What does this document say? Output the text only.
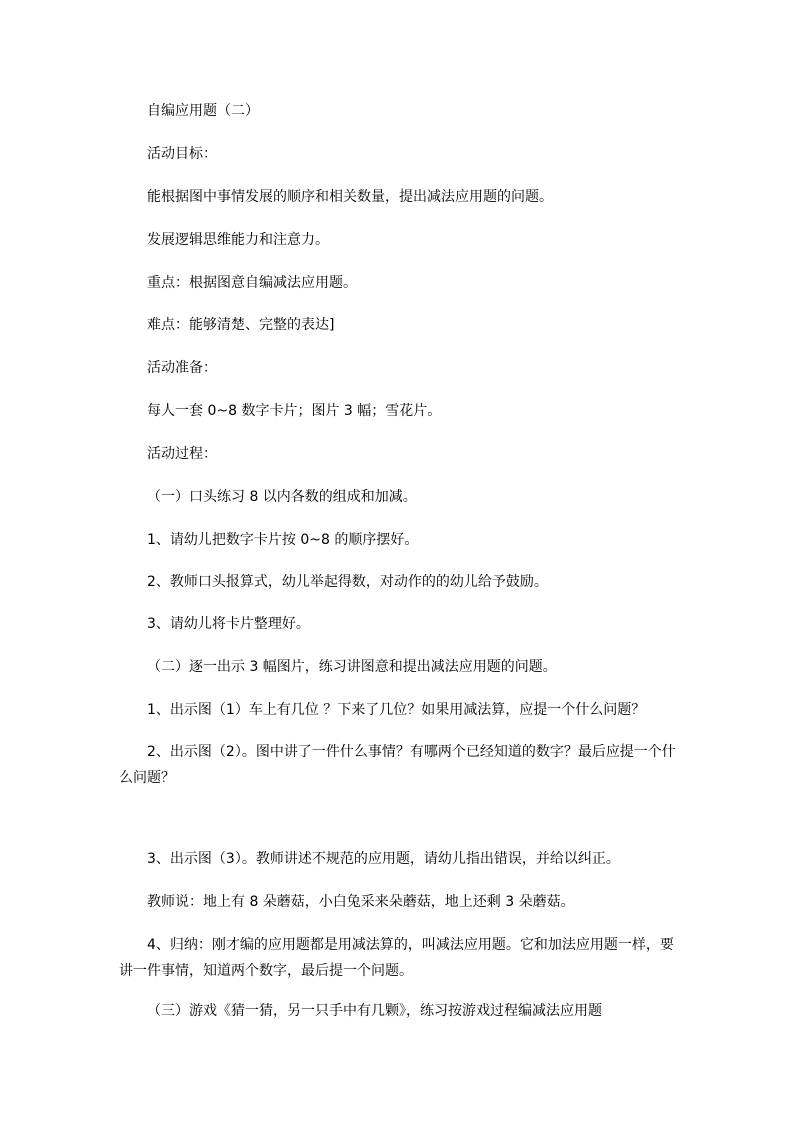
自编应用题（二）

活动目标：

能根据图中事情发展的顺序和相关数量，提出减法应用题的问题。

发展逻辑思维能力和注意力。

重点：根据图意自编减法应用题。

难点：能够清楚、完整的表达]

活动准备：

每人一套 0~8 数字卡片；图片 3 幅；雪花片。

活动过程：

（一）口头练习 8 以内各数的组成和加减。

1、请幼儿把数字卡片按 0~8 的顺序摆好。

2、教师口头报算式，幼儿举起得数，对动作的的幼儿给予鼓励。

3、请幼儿将卡片整理好。

（二）逐一出示 3 幅图片，练习讲图意和提出减法应用题的问题。

1、出示图（1）车上有几位 ？下来了几位？如果用减法算，应提一个什么问题？

2、出示图（2）。图中讲了一件什么事情？有哪两个已经知道的数字？最后应提一个什么问题？

3、出示图（3）。教师讲述不规范的应用题，请幼儿指出错误，并给以纠正。

教师说：地上有 8 朵蘑菇，小白兔采来朵蘑菇，地上还剩 3 朵蘑菇。

4、归纳：刚才编的应用题都是用减法算的，叫减法应用题。它和加法应用题一样，要讲一件事情，知道两个数字，最后提一个问题。

（三）游戏《猜一猜，另一只手中有几颗》，练习按游戏过程编减法应用题
